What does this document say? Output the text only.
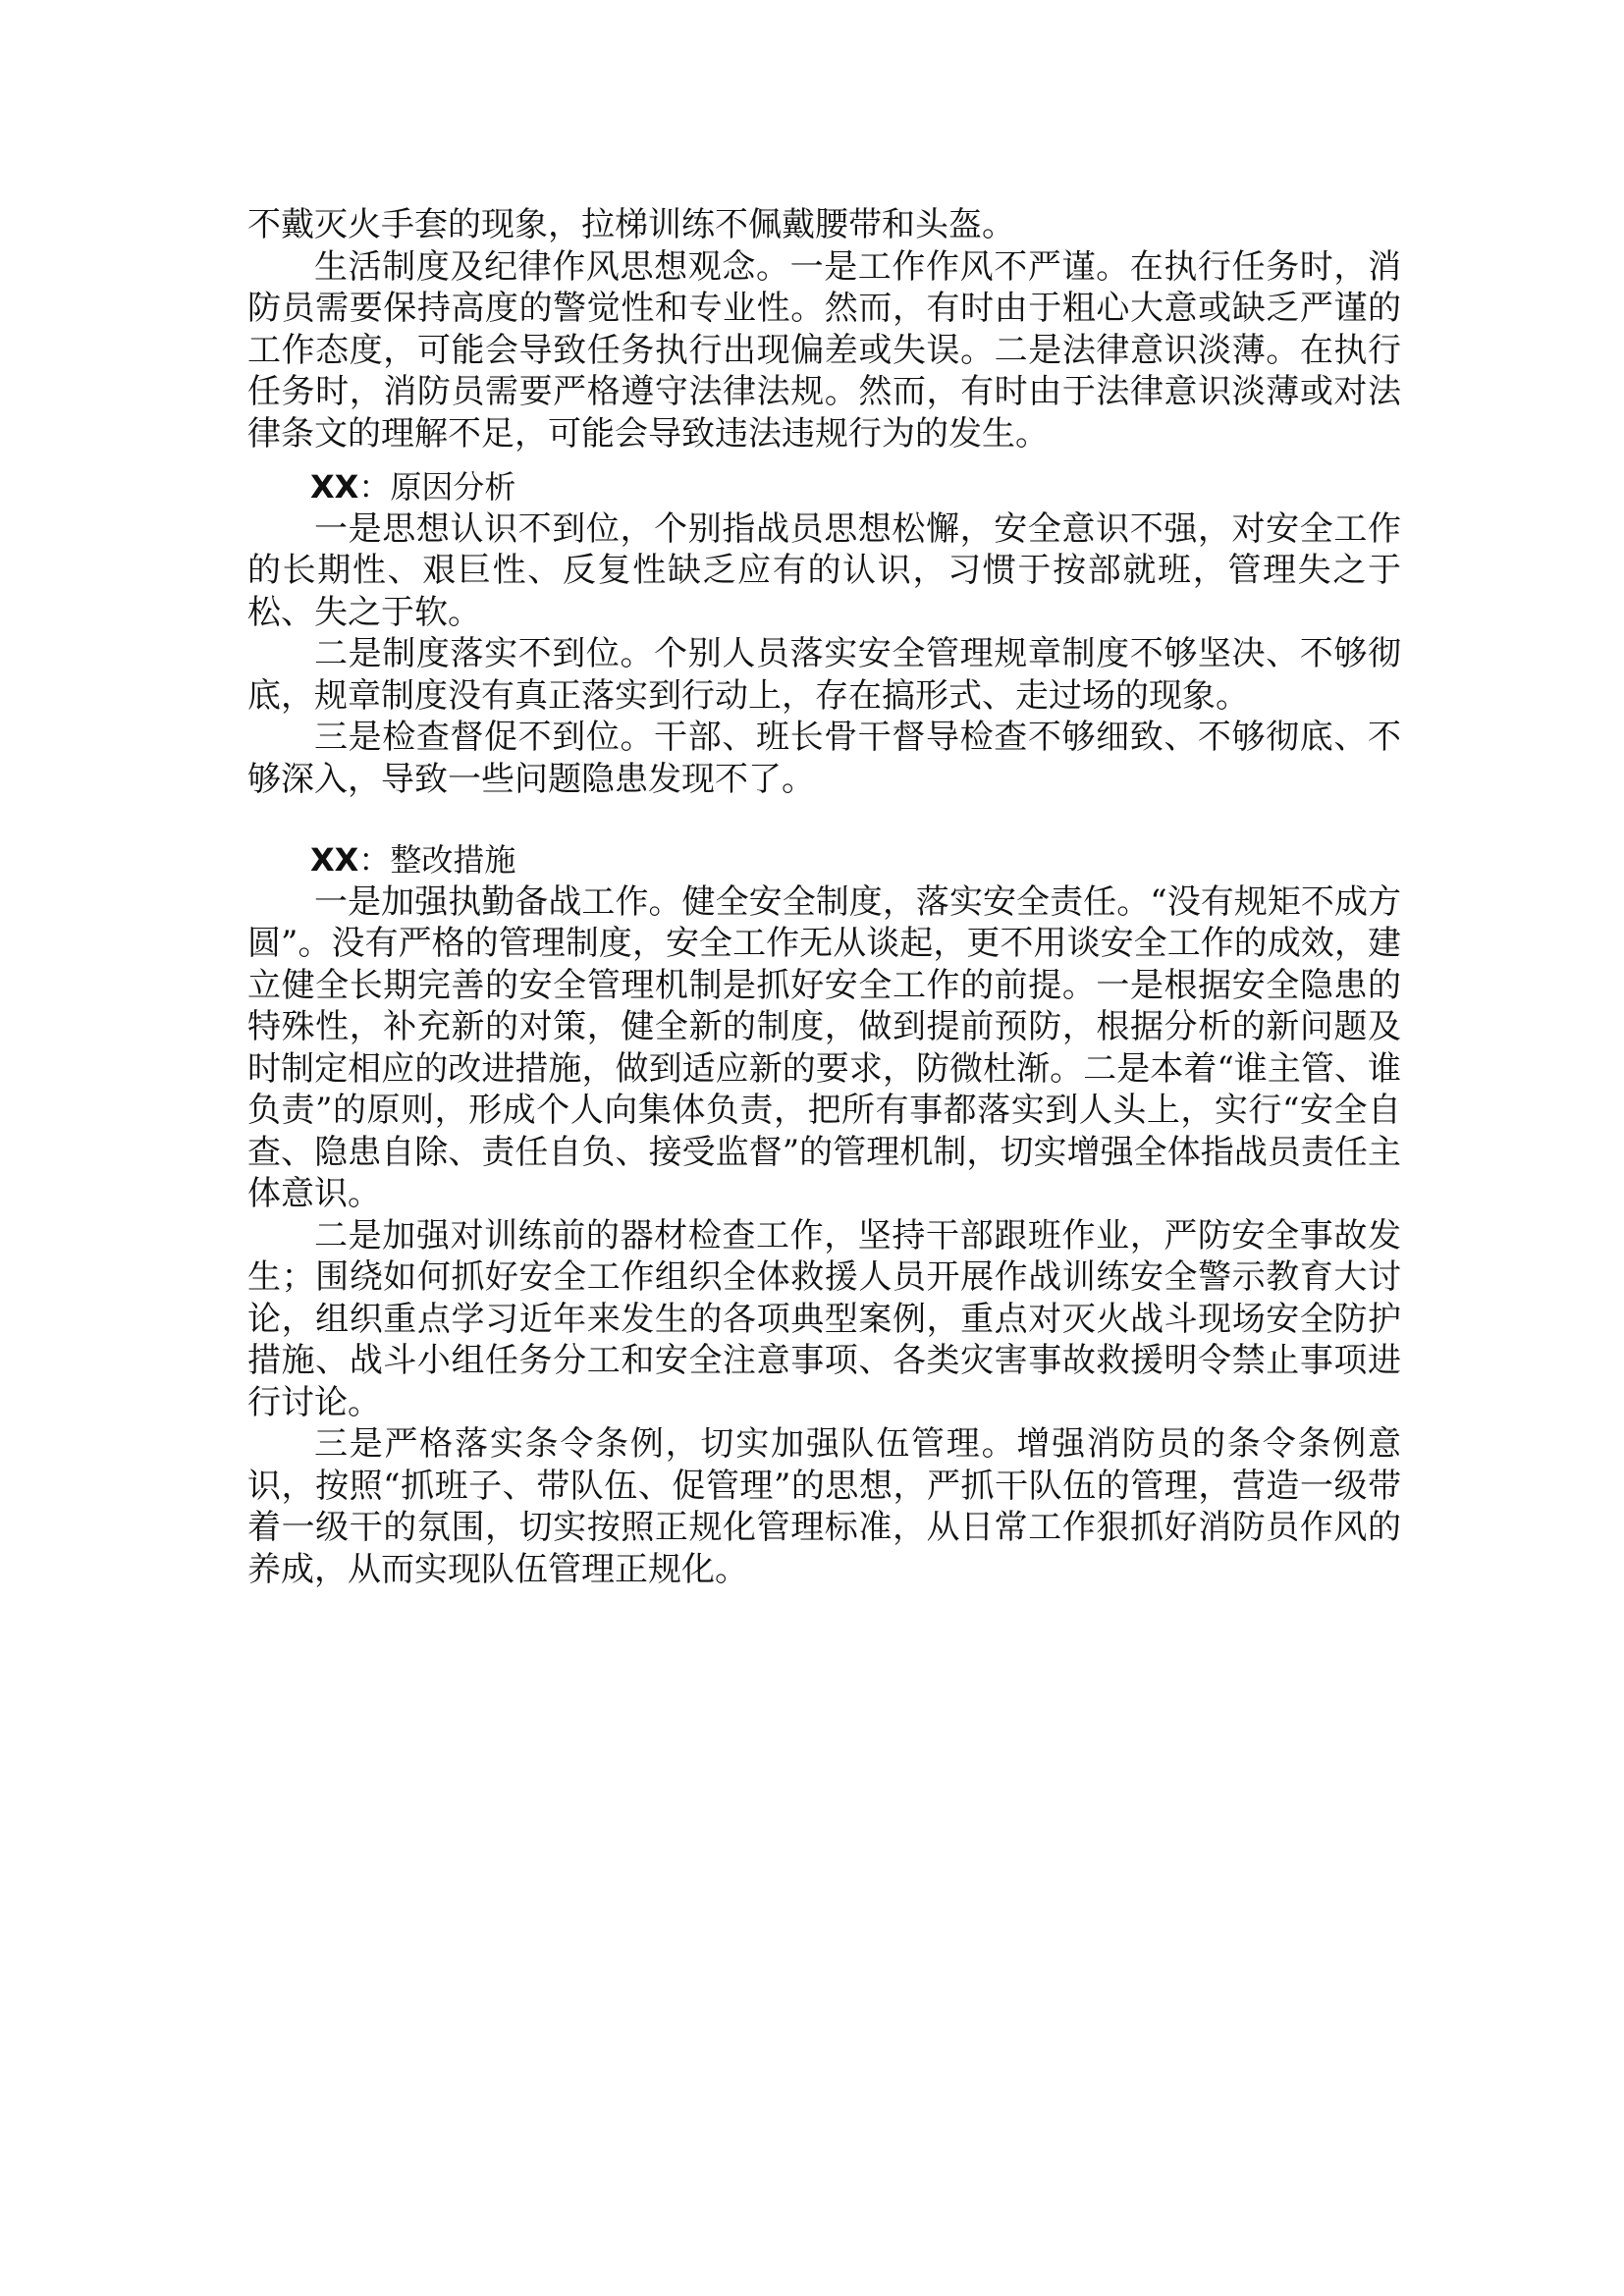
不戴灭火手套的现象，拉梯训练不佩戴腰带和头盔。

生活制度及纪律作风思想观念。一是工作作风不严谨。在执行任务时，消防员需要保持高度的警觉性和专业性。然而，有时由于粗心大意或缺乏严谨的工作态度，可能会导致任务执行出现偏差或失误。二是法律意识淡薄。在执行任务时，消防员需要严格遵守法律法规。然而，有时由于法律意识淡薄或对法律条文的理解不足，可能会导致违法违规行为的发生。

XX：原因分析

一是思想认识不到位，个别指战员思想松懈，安全意识不强，对安全工作的长期性、艰巨性、反复性缺乏应有的认识，习惯于按部就班，管理失之于松、失之于软。

二是制度落实不到位。个别人员落实安全管理规章制度不够坚决、不够彻底，规章制度没有真正落实到行动上，存在搞形式、走过场的现象。

三是检查督促不到位。干部、班长骨干督导检查不够细致、不够彻底、不够深入，导致一些问题隐患发现不了。

XX：整改措施

一是加强执勤备战工作。健全安全制度，落实安全责任。“没有规矩不成方圆”。没有严格的管理制度，安全工作无从谈起，更不用谈安全工作的成效，建立健全长期完善的安全管理机制是抓好安全工作的前提。一是根据安全隐患的特殊性，补充新的对策，健全新的制度，做到提前预防，根据分析的新问题及时制定相应的改进措施，做到适应新的要求，防微杜渐。二是本着“谁主管、谁负责”的原则，形成个人向集体负责，把所有事都落实到人头上，实行“安全自查、隐患自除、责任自负、接受监督”的管理机制，切实增强全体指战员责任主体意识。

二是加强对训练前的器材检查工作，坚持干部跟班作业，严防安全事故发生；围绕如何抓好安全工作组织全体救援人员开展作战训练安全警示教育大讨论，组织重点学习近年来发生的各项典型案例，重点对灭火战斗现场安全防护措施、战斗小组任务分工和安全注意事项、各类灾害事故救援明令禁止事项进行讨论。

三是严格落实条令条例，切实加强队伍管理。增强消防员的条令条例意识，按照“抓班子、带队伍、促管理”的思想，严抓干队伍的管理，营造一级带着一级干的氛围，切实按照正规化管理标准，从日常工作狠抓好消防员作风的养成，从而实现队伍管理正规化。
